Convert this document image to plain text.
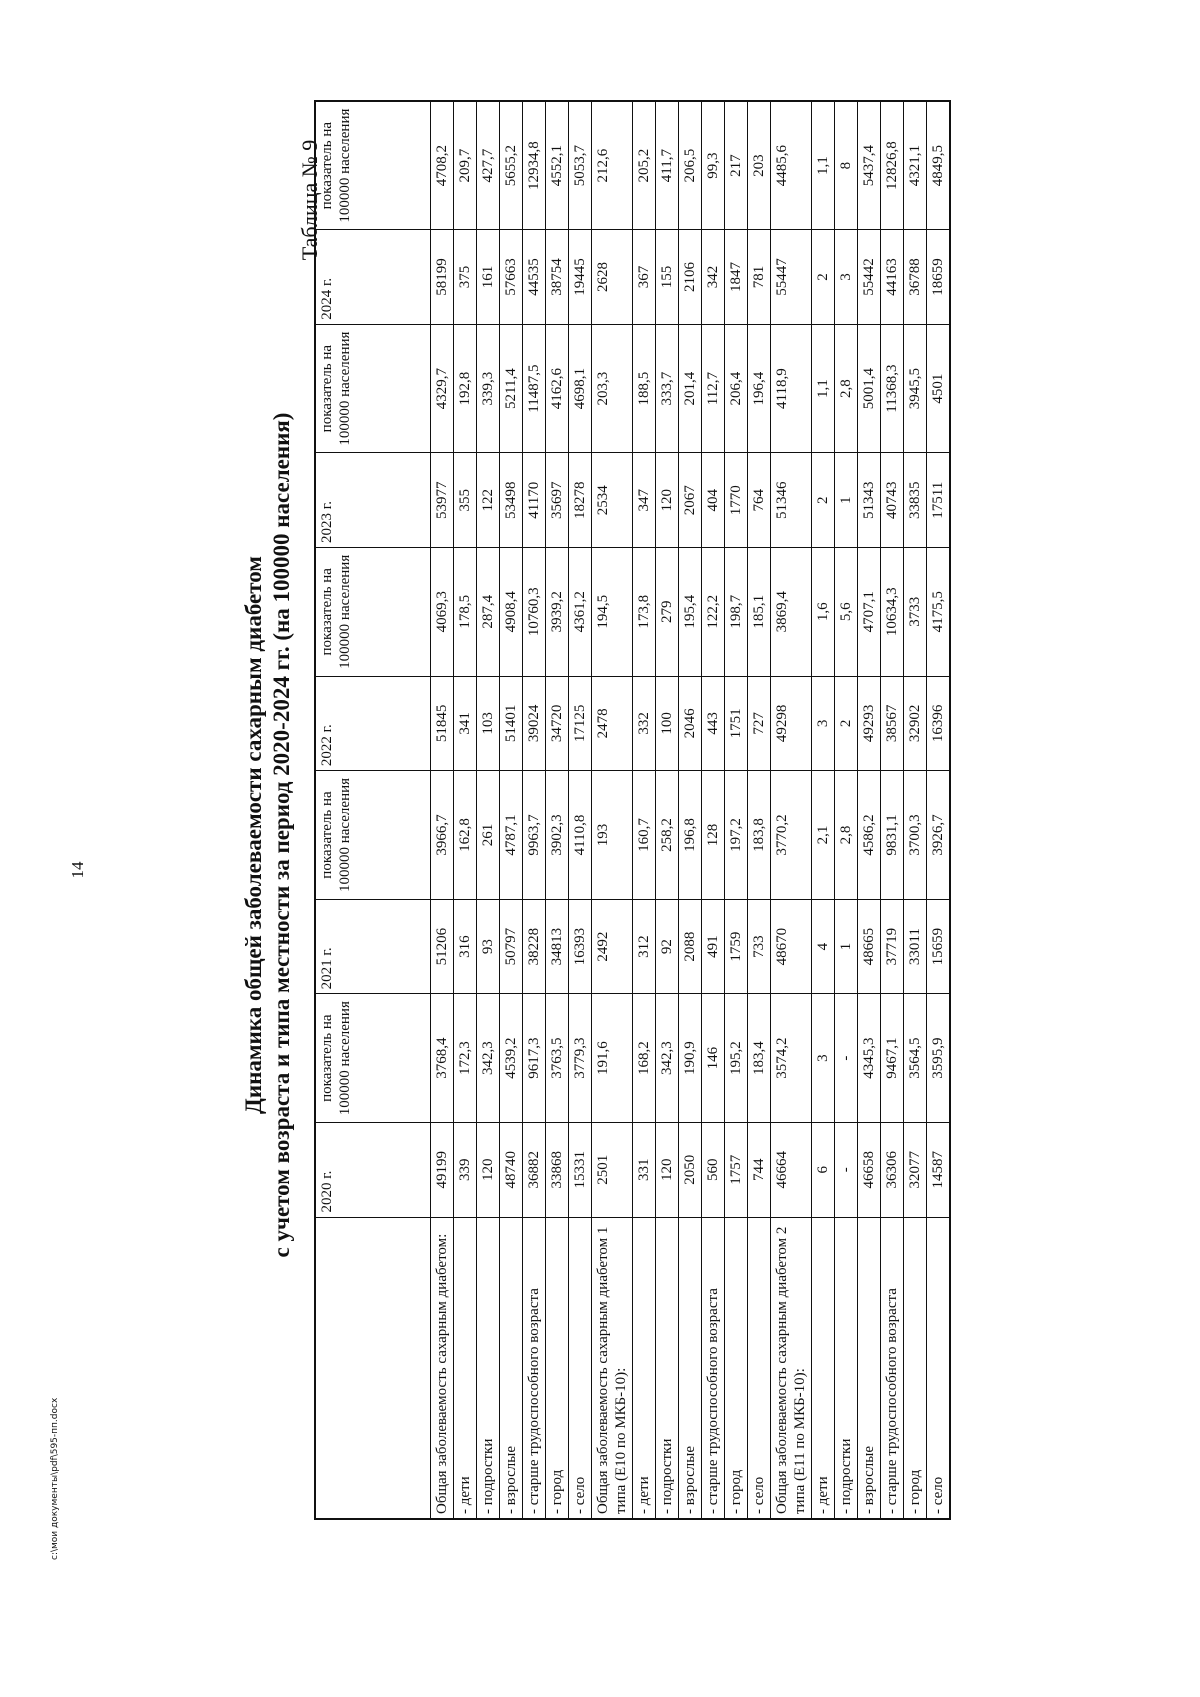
14
Таблица № 9
c:\мои документы\pdf\595-пп.docx
Динамика общей заболеваемости сахарным диабетом с учетом возраста и типа местности за период 2020-2024 гг. (на 100000 населения)
	2020 г.	показатель на 100000 населения	2021 г.	показатель на 100000 населения	2022 г.	показатель на 100000 населения	2023 г.	показатель на 100000 населения	2024 г.	показатель на 100000 населения
Общая заболеваемость сахарным диабетом:	49199	3768,4	51206	3966,7	51845	4069,3	53977	4329,7	58199	4708,2
- дети	339	172,3	316	162,8	341	178,5	355	192,8	375	209,7
- подростки	120	342,3	93	261	103	287,4	122	339,3	161	427,7
- взрослые	48740	4539,2	50797	4787,1	51401	4908,4	53498	5211,4	57663	5655,2
- старше трудоспособного возраста	36882	9617,3	38228	9963,7	39024	10760,3	41170	11487,5	44535	12934,8
- город	33868	3763,5	34813	3902,3	34720	3939,2	35697	4162,6	38754	4552,1
- село	15331	3779,3	16393	4110,8	17125	4361,2	18278	4698,1	19445	5053,7
Общая заболеваемость сахарным диабетом 1 типа (Е10 по МКБ-10):	2501	191,6	2492	193	2478	194,5	2534	203,3	2628	212,6
- дети	331	168,2	312	160,7	332	173,8	347	188,5	367	205,2
- подростки	120	342,3	92	258,2	100	279	120	333,7	155	411,7
- взрослые	2050	190,9	2088	196,8	2046	195,4	2067	201,4	2106	206,5
- старше трудоспособного возраста	560	146	491	128	443	122,2	404	112,7	342	99,3
- город	1757	195,2	1759	197,2	1751	198,7	1770	206,4	1847	217
- село	744	183,4	733	183,8	727	185,1	764	196,4	781	203
Общая заболеваемость сахарным диабетом 2 типа (Е11 по МКБ-10):	46664	3574,2	48670	3770,2	49298	3869,4	51346	4118,9	55447	4485,6
- дети	6	3	4	2,1	3	1,6	2	1,1	2	1,1
- подростки	-	-	1	2,8	2	5,6	1	2,8	3	8
- взрослые	46658	4345,3	48665	4586,2	49293	4707,1	51343	5001,4	55442	5437,4
- старше трудоспособного возраста	36306	9467,1	37719	9831,1	38567	10634,3	40743	11368,3	44163	12826,8
- город	32077	3564,5	33011	3700,3	32902	3733	33835	3945,5	36788	4321,1
- село	14587	3595,9	15659	3926,7	16396	4175,5	17511	4501	18659	4849,5
